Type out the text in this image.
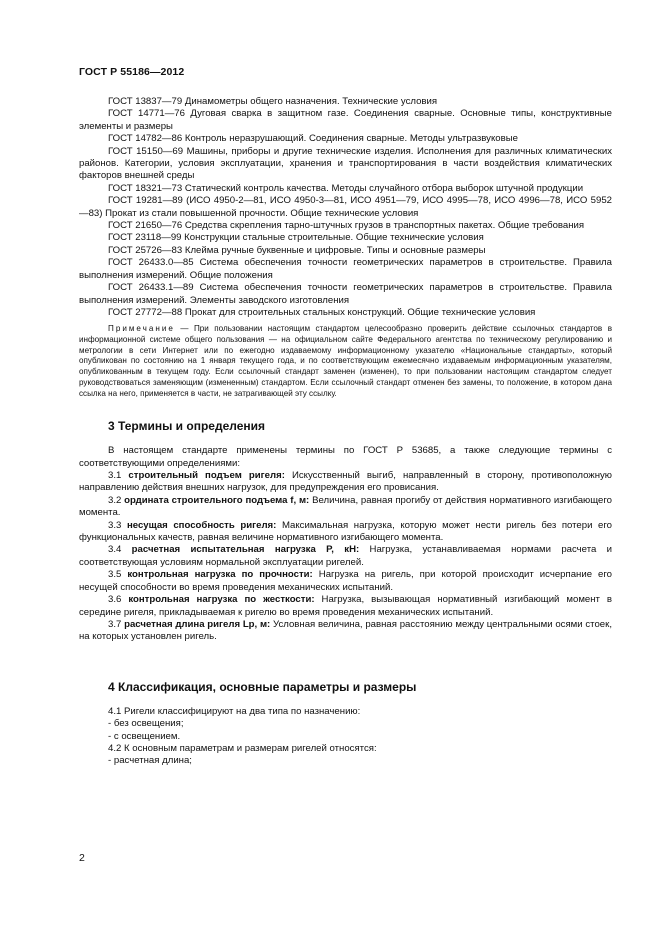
ГОСТ Р 55186—2012

ГОСТ 13837—79 Динамометры общего назначения. Технические условия

ГОСТ 14771—76 Дуговая сварка в защитном газе. Соединения сварные. Основные типы, конструктивные элементы и размеры

ГОСТ 14782—86 Контроль неразрушающий. Соединения сварные. Методы ультразвуковые

ГОСТ 15150—69 Машины, приборы и другие технические изделия. Исполнения для различных климатических районов. Категории, условия эксплуатации, хранения и транспортирования в части воздействия климатических факторов внешней среды

ГОСТ 18321—73 Статический контроль качества. Методы случайного отбора выборок штучной продукции

ГОСТ 19281—89 (ИСО 4950-2—81, ИСО 4950-3—81, ИСО 4951—79, ИСО 4995—78, ИСО 4996—78, ИСО 5952—83) Прокат из стали повышенной прочности. Общие технические условия

ГОСТ 21650—76 Средства скрепления тарно-штучных грузов в транспортных пакетах. Общие требования

ГОСТ 23118—99 Конструкции стальные строительные. Общие технические условия

ГОСТ 25726—83 Клейма ручные буквенные и цифровые. Типы и основные размеры

ГОСТ 26433.0—85 Система обеспечения точности геометрических параметров в строительстве. Правила выполнения измерений. Общие положения

ГОСТ 26433.1—89 Система обеспечения точности геометрических параметров в строительстве. Правила выполнения измерений. Элементы заводского изготовления

ГОСТ 27772—88 Прокат для строительных стальных конструкций. Общие технические условия

Примечание — При пользовании настоящим стандартом целесообразно проверить действие ссылочных стандартов в информационной системе общего пользования — на официальном сайте Федерального агентства по техническому регулированию и метрологии в сети Интернет или по ежегодно издаваемому информационному указателю «Национальные стандарты», который опубликован по состоянию на 1 января текущего года, и по соответствующим ежемесячно издаваемым информационным указателям, опубликованным в текущем году. Если ссылочный стандарт заменен (изменен), то при пользовании настоящим стандартом следует руководствоваться заменяющим (измененным) стандартом. Если ссылочный стандарт отменен без замены, то положение, в котором дана ссылка на него, применяется в части, не затрагивающей эту ссылку.

3 Термины и определения

В настоящем стандарте применены термины по ГОСТ Р 53685, а также следующие термины с соответствующими определениями:

3.1 строительный подъем ригеля: Искусственный выгиб, направленный в сторону, противоположную направлению действия внешних нагрузок, для предупреждения его провисания.

3.2 ордината строительного подъема f, м: Величина, равная прогибу от действия нормативного изгибающего момента.

3.3 несущая способность ригеля: Максимальная нагрузка, которую может нести ригель без потери его функциональных качеств, равная величине нормативного изгибающего момента.

3.4 расчетная испытательная нагрузка P, кН: Нагрузка, устанавливаемая нормами расчета и соответствующая условиям нормальной эксплуатации ригелей.

3.5 контрольная нагрузка по прочности: Нагрузка на ригель, при которой происходит исчерпание его несущей способности во время проведения механических испытаний.

3.6 контрольная нагрузка по жесткости: Нагрузка, вызывающая нормативный изгибающий момент в середине ригеля, прикладываемая к ригелю во время проведения механических испытаний.

3.7 расчетная длина ригеля Lр, м: Условная величина, равная расстоянию между центральными осями стоек, на которых установлен ригель.

4 Классификация, основные параметры и размеры

4.1 Ригели классифицируют на два типа по назначению:

- без освещения;

- с освещением.

4.2 К основным параметрам и размерам ригелей относятся:

- расчетная длина;

2
